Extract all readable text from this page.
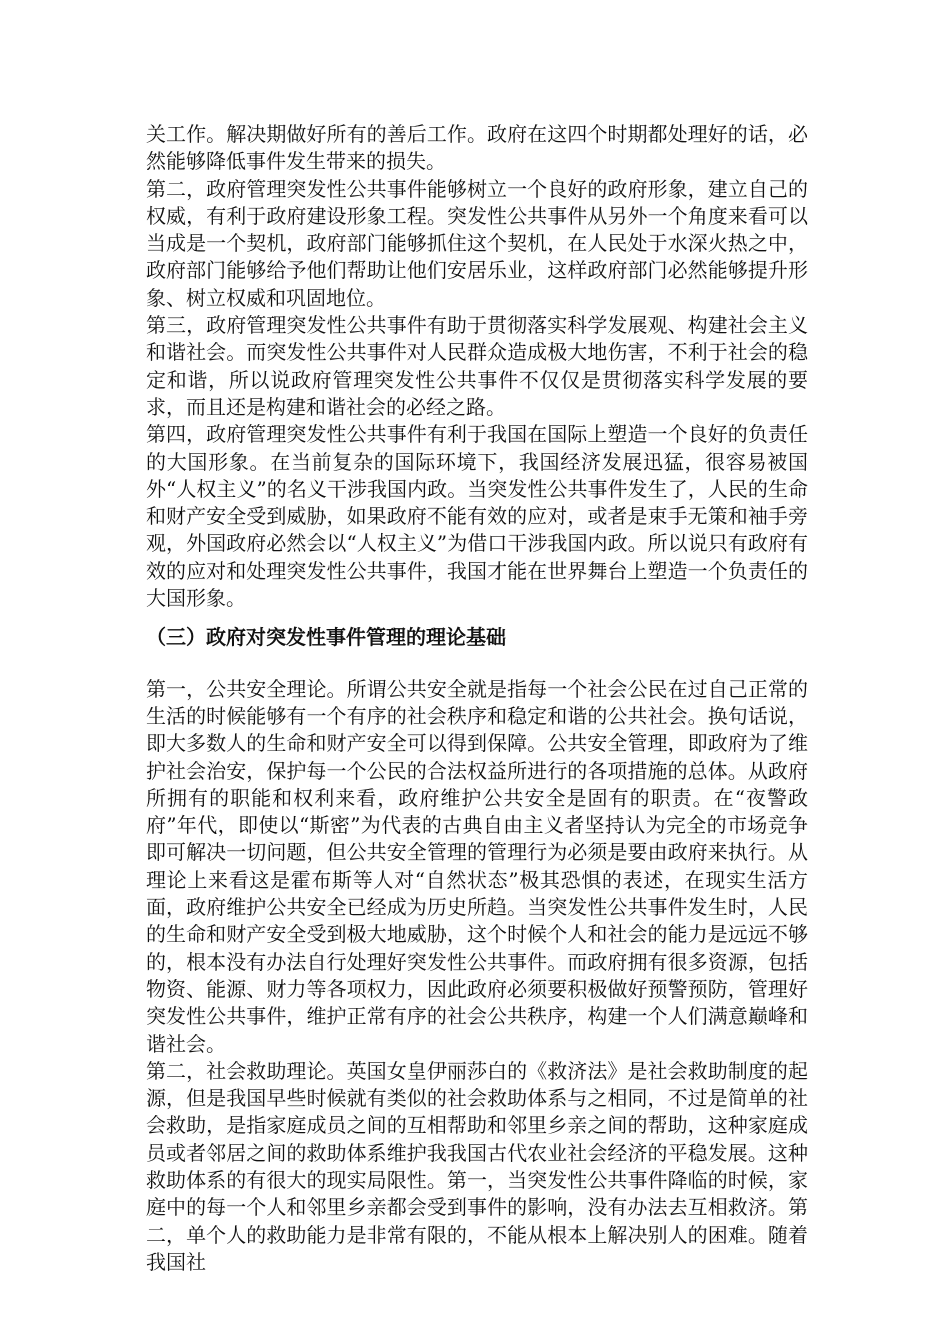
关工作。解决期做好所有的善后工作。政府在这四个时期都处理好的话，必然能够降低事件发生带来的损失。

第二，政府管理突发性公共事件能够树立一个良好的政府形象，建立自己的权威，有利于政府建设形象工程。突发性公共事件从另外一个角度来看可以当成是一个契机，政府部门能够抓住这个契机，在人民处于水深火热之中，政府部门能够给予他们帮助让他们安居乐业，这样政府部门必然能够提升形象、树立权威和巩固地位。

第三，政府管理突发性公共事件有助于贯彻落实科学发展观、构建社会主义和谐社会。而突发性公共事件对人民群众造成极大地伤害，不利于社会的稳定和谐，所以说政府管理突发性公共事件不仅仅是贯彻落实科学发展的要求，而且还是构建和谐社会的必经之路。

第四，政府管理突发性公共事件有利于我国在国际上塑造一个良好的负责任的大国形象。在当前复杂的国际环境下，我国经济发展迅猛，很容易被国外“人权主义”的名义干涉我国内政。当突发性公共事件发生了，人民的生命和财产安全受到威胁，如果政府不能有效的应对，或者是束手无策和袖手旁观，外国政府必然会以“人权主义”为借口干涉我国内政。所以说只有政府有效的应对和处理突发性公共事件，我国才能在世界舞台上塑造一个负责任的大国形象。

（三）政府对突发性事件管理的理论基础

第一，公共安全理论。所谓公共安全就是指每一个社会公民在过自己正常的生活的时候能够有一个有序的社会秩序和稳定和谐的公共社会。换句话说，即大多数人的生命和财产安全可以得到保障。公共安全管理，即政府为了维护社会治安，保护每一个公民的合法权益所进行的各项措施的总体。从政府所拥有的职能和权利来看，政府维护公共安全是固有的职责。在“夜警政府”年代，即使以“斯密”为代表的古典自由主义者坚持认为完全的市场竞争即可解决一切问题，但公共安全管理的管理行为必须是要由政府来执行。从理论上来看这是霍布斯等人对“自然状态”极其恐惧的表述，在现实生活方面，政府维护公共安全已经成为历史所趋。当突发性公共事件发生时，人民的生命和财产安全受到极大地威胁，这个时候个人和社会的能力是远远不够的，根本没有办法自行处理好突发性公共事件。而政府拥有很多资源，包括物资、能源、财力等各项权力，因此政府必须要积极做好预警预防，管理好突发性公共事件，维护正常有序的社会公共秩序，构建一个人们满意巅峰和谐社会。

第二，社会救助理论。英国女皇伊丽莎白的《救济法》是社会救助制度的起源，但是我国早些时候就有类似的社会救助体系与之相同，不过是简单的社会救助，是指家庭成员之间的互相帮助和邻里乡亲之间的帮助，这种家庭成员或者邻居之间的救助体系维护我我国古代农业社会经济的平稳发展。这种救助体系的有很大的现实局限性。第一，当突发性公共事件降临的时候，家庭中的每一个人和邻里乡亲都会受到事件的影响，没有办法去互相救济。第二，单个人的救助能力是非常有限的，不能从根本上解决别人的困难。随着我国社
